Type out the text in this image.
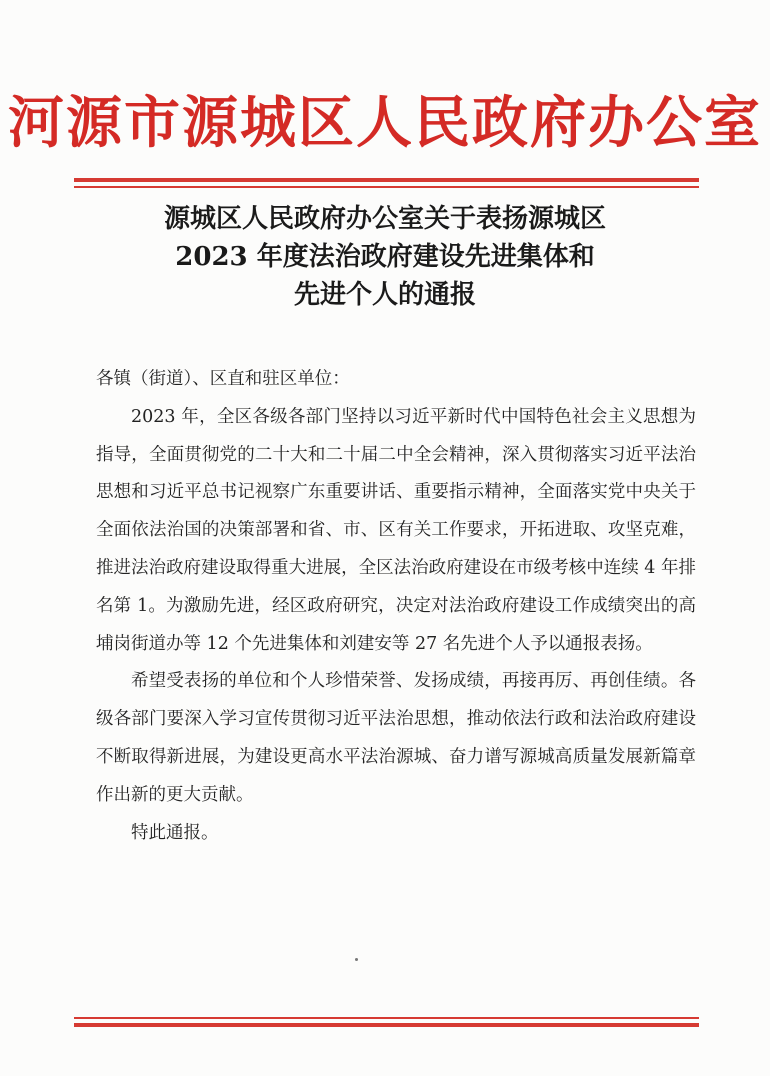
河源市源城区人民政府办公室
源城区人民政府办公室关于表扬源城区
2023 年度法治政府建设先进集体和
先进个人的通报
各镇（街道）、区直和驻区单位：

2023 年，全区各级各部门坚持以习近平新时代中国特色社会主义思想为指导，全面贯彻党的二十大和二十届二中全会精神，深入贯彻落实习近平法治思想和习近平总书记视察广东重要讲话、重要指示精神，全面落实党中央关于全面依法治国的决策部署和省、市、区有关工作要求，开拓进取、攻坚克难，推进法治政府建设取得重大进展，全区法治政府建设在市级考核中连续 4 年排名第 1。为激励先进，经区政府研究，决定对法治政府建设工作成绩突出的高埔岗街道办等 12 个先进集体和刘建安等 27 名先进个人予以通报表扬。

希望受表扬的单位和个人珍惜荣誉、发扬成绩，再接再厉、再创佳绩。各级各部门要深入学习宣传贯彻习近平法治思想，推动依法行政和法治政府建设不断取得新进展，为建设更高水平法治源城、奋力谱写源城高质量发展新篇章作出新的更大贡献。

特此通报。
